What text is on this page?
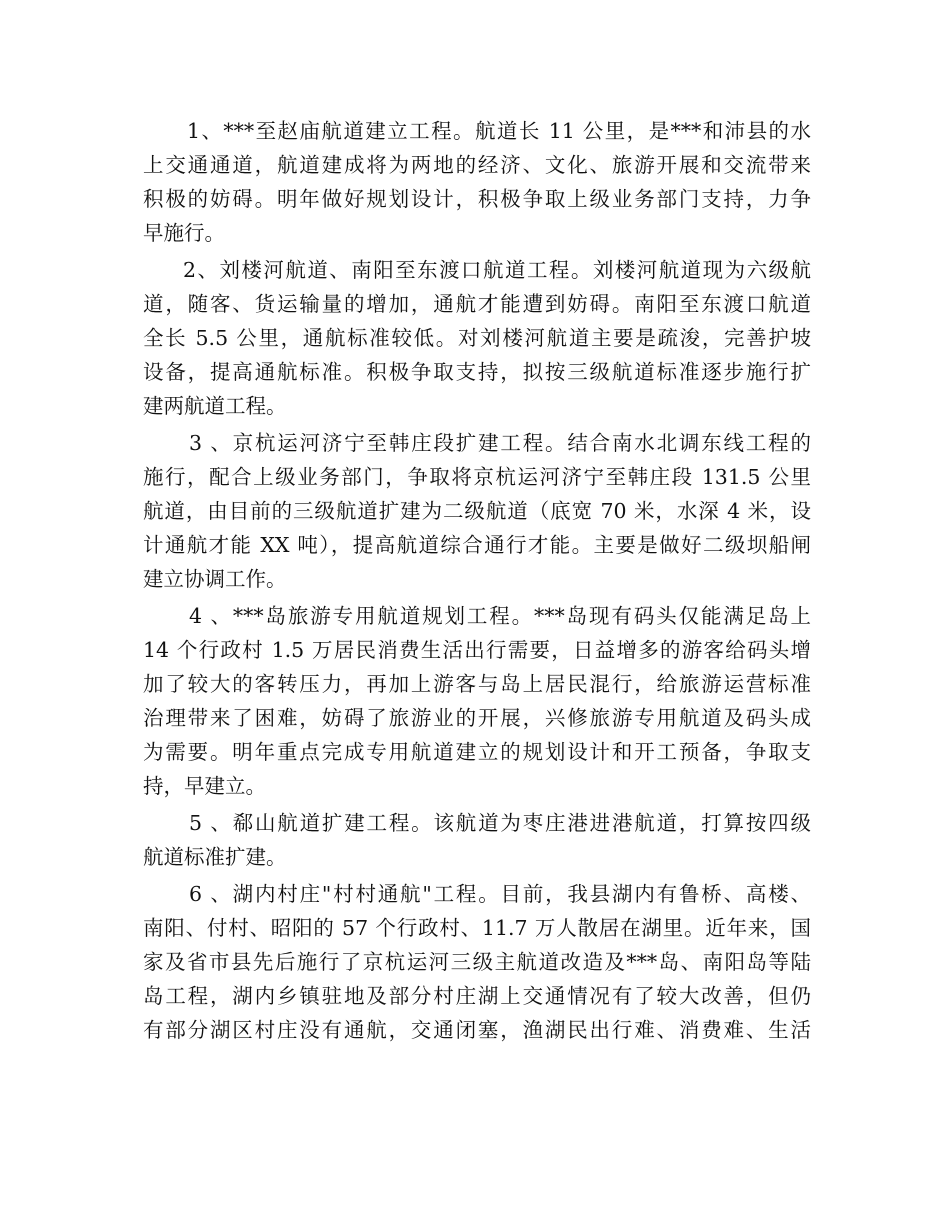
1、***至赵庙航道建立工程。航道长 11 公里，是***和沛县的水
上交通通道，航道建成将为两地的经济、文化、旅游开展和交流带来
积极的妨碍。明年做好规划设计，积极争取上级业务部门支持，力争
早施行。
2、刘楼河航道、南阳至东渡口航道工程。刘楼河航道现为六级航
道，随客、货运输量的增加，通航才能遭到妨碍。南阳至东渡口航道
全长 5.5 公里，通航标准较低。对刘楼河航道主要是疏浚，完善护坡
设备，提高通航标准。积极争取支持，拟按三级航道标准逐步施行扩
建两航道工程。
3 、京杭运河济宁至韩庄段扩建工程。结合南水北调东线工程的
施行，配合上级业务部门，争取将京杭运河济宁至韩庄段 131.5 公里
航道，由目前的三级航道扩建为二级航道（底宽 70 米，水深 4 米，设
计通航才能 XX 吨），提高航道综合通行才能。主要是做好二级坝船闸
建立协调工作。
4 、***岛旅游专用航道规划工程。***岛现有码头仅能满足岛上
14 个行政村 1.5 万居民消费生活出行需要，日益增多的游客给码头增
加了较大的客转压力，再加上游客与岛上居民混行，给旅游运营标准
治理带来了困难，妨碍了旅游业的开展，兴修旅游专用航道及码头成
为需要。明年重点完成专用航道建立的规划设计和开工预备，争取支
持，早建立。
5 、郗山航道扩建工程。该航道为枣庄港进港航道，打算按四级
航道标准扩建。
6 、湖内村庄"村村通航"工程。目前，我县湖内有鲁桥、高楼、
南阳、付村、昭阳的 57 个行政村、11.7 万人散居在湖里。近年来，国
家及省市县先后施行了京杭运河三级主航道改造及***岛、南阳岛等陆
岛工程，湖内乡镇驻地及部分村庄湖上交通情况有了较大改善，但仍
有部分湖区村庄没有通航，交通闭塞，渔湖民出行难、消费难、生活
